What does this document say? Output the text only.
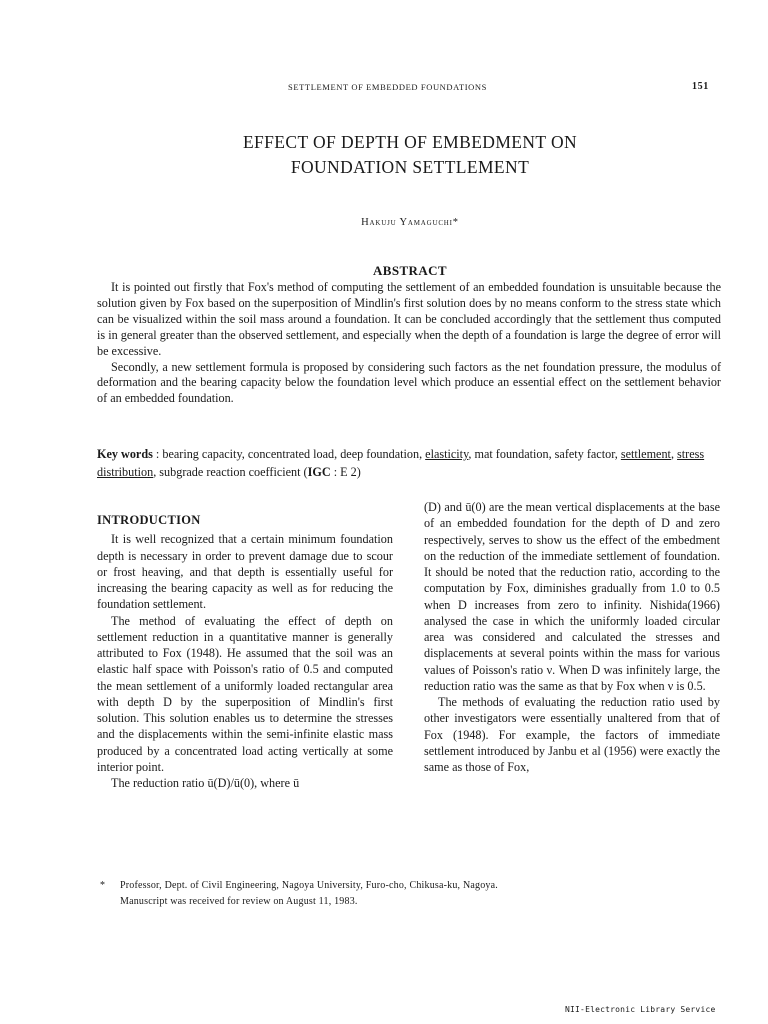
SETTLEMENT OF EMBEDDED FOUNDATIONS	151
EFFECT OF DEPTH OF EMBEDMENT ON
FOUNDATION SETTLEMENT
Hakuju Yamaguchi*
ABSTRACT

It is pointed out firstly that Fox's method of computing the settlement of an embedded foundation is unsuitable because the solution given by Fox based on the superposition of Mindlin's first solution does by no means conform to the stress state which can be visualized within the soil mass around a foundation. It can be concluded accordingly that the settlement thus computed is in general greater than the observed settlement, and especially when the depth of a foundation is large the degree of error will be excessive.

Secondly, a new settlement formula is proposed by considering such factors as the net foundation pressure, the modulus of deformation and the bearing capacity below the foundation level which produce an essential effect on the settlement behavior of an embedded foundation.

Key words : bearing capacity, concentrated load, deep foundation, elasticity, mat foundation, safety factor, settlement, stress distribution, subgrade reaction coefficient (IGC : E 2)

INTRODUCTION

It is well recognized that a certain minimum foundation depth is necessary in order to prevent damage due to scour or frost heaving, and that depth is essentially useful for increasing the bearing capacity as well as for reducing the foundation settlement.

The method of evaluating the effect of depth on settlement reduction in a quantitative manner is generally attributed to Fox (1948). He assumed that the soil was an elastic half space with Poisson's ratio of 0.5 and computed the mean settlement of a uniformly loaded rectangular area with depth D by the superposition of Mindlin's first solution. This solution enables us to determine the stresses and the displacements within the semi-infinite elastic mass produced by a concentrated load acting vertically at some interior point.

The reduction ratio ū(D)/ū(0), where ū

(D) and ū(0) are the mean vertical displacements at the base of an embedded foundation for the depth of D and zero respectively, serves to show us the effect of the embedment on the reduction of the immediate settlement of foundation. It should be noted that the reduction ratio, according to the computation by Fox, diminishes gradually from 1.0 to 0.5 when D increases from zero to infinity. Nishida(1966) analysed the case in which the uniformly loaded circular area was considered and calculated the stresses and displacements at several points within the mass for various values of Poisson's ratio ν. When D was infinitely large, the reduction ratio was the same as that by Fox when ν is 0.5.

The methods of evaluating the reduction ratio used by other investigators were essentially unaltered from that of Fox (1948). For example, the factors of immediate settlement introduced by Janbu et al (1956) were exactly the same as those of Fox,

* Professor, Dept. of Civil Engineering, Nagoya University, Furo-cho, Chikusa-ku, Nagoya.
Manuscript was received for review on August 11, 1983.
NII-Electronic Library Service
